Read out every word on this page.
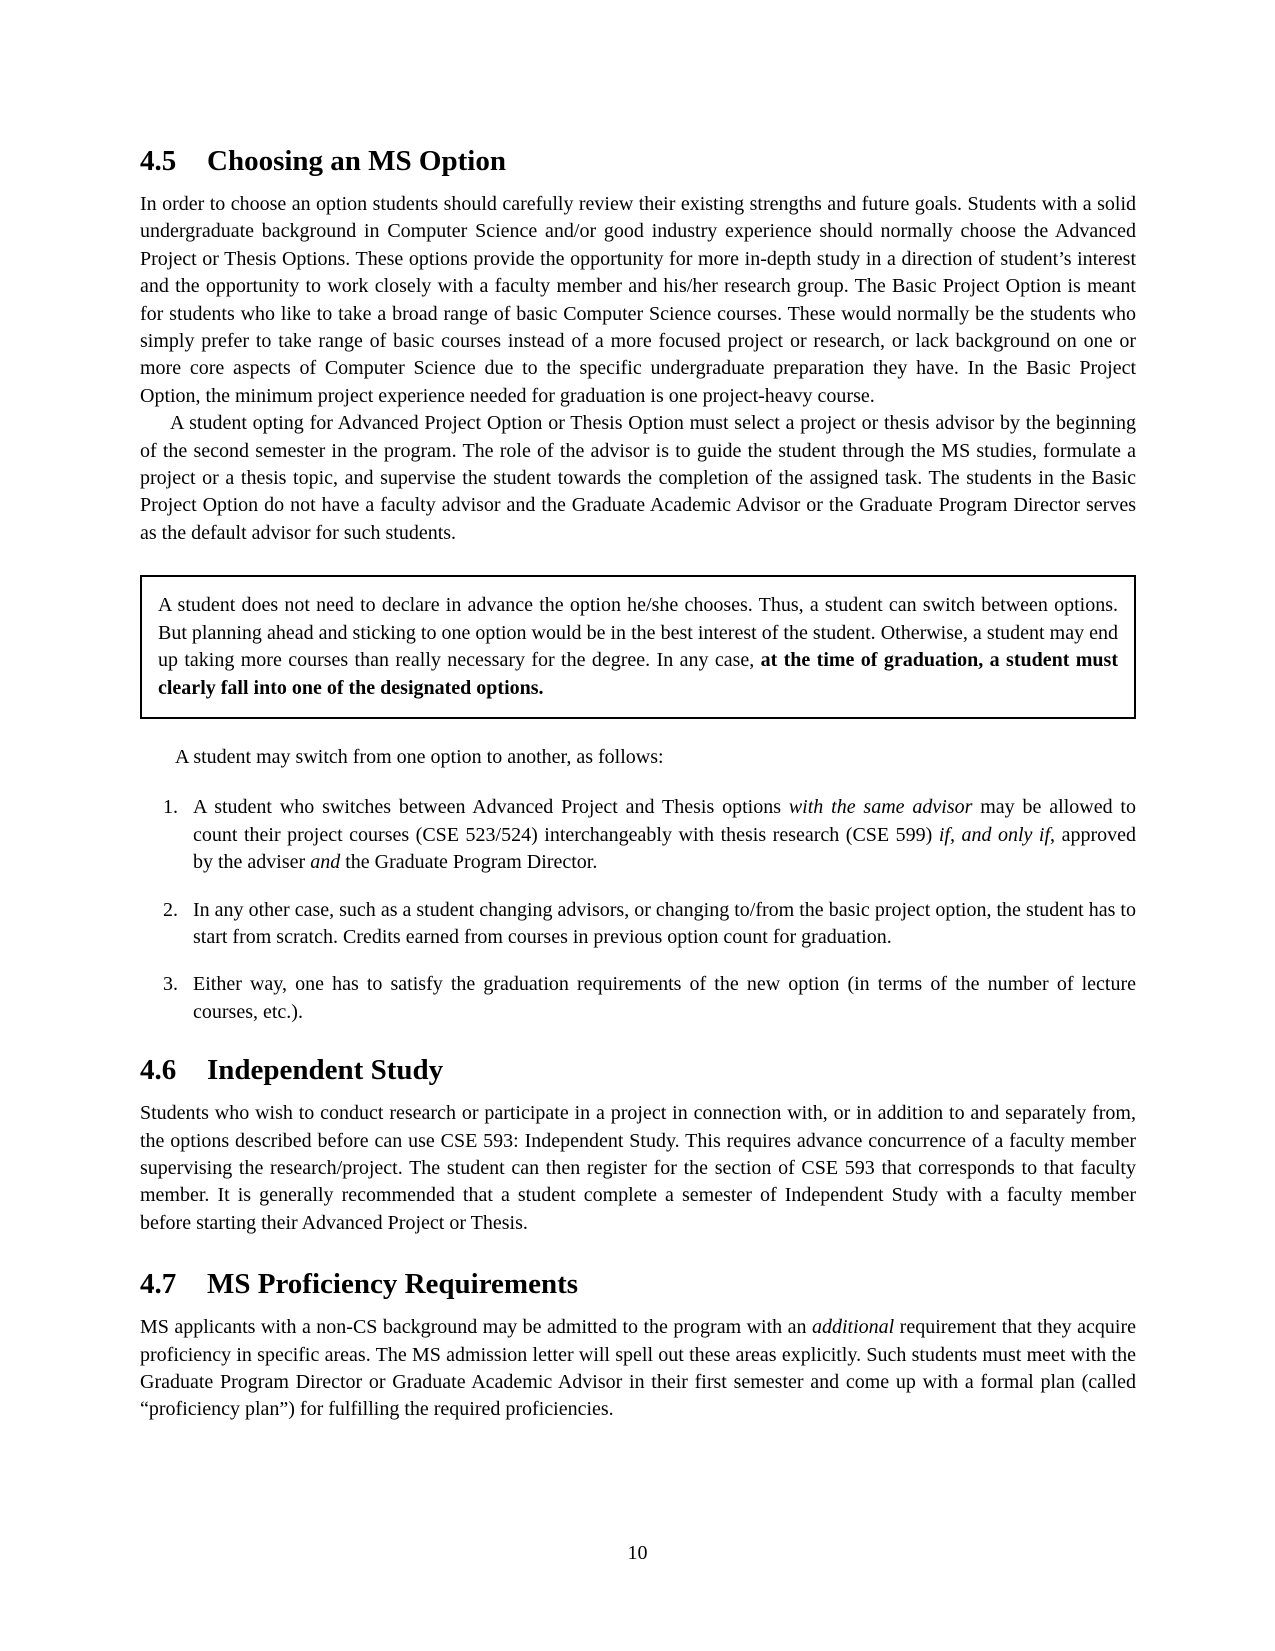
4.5	Choosing an MS Option

In order to choose an option students should carefully review their existing strengths and future goals. Students with a solid undergraduate background in Computer Science and/or good industry experience should normally choose the Advanced Project or Thesis Options. These options provide the opportunity for more in-depth study in a direction of student’s interest and the opportunity to work closely with a faculty member and his/her research group. The Basic Project Option is meant for students who like to take a broad range of basic Computer Science courses. These would normally be the students who simply prefer to take range of basic courses instead of a more focused project or research, or lack background on one or more core aspects of Computer Science due to the specific undergraduate preparation they have. In the Basic Project Option, the minimum project experience needed for graduation is one project-heavy course.

A student opting for Advanced Project Option or Thesis Option must select a project or thesis advisor by the beginning of the second semester in the program. The role of the advisor is to guide the student through the MS studies, formulate a project or a thesis topic, and supervise the student towards the completion of the assigned task. The students in the Basic Project Option do not have a faculty advisor and the Graduate Academic Advisor or the Graduate Program Director serves as the default advisor for such students.

A student does not need to declare in advance the option he/she chooses. Thus, a student can switch between options. But planning ahead and sticking to one option would be in the best interest of the student. Otherwise, a student may end up taking more courses than really necessary for the degree. In any case, at the time of graduation, a student must clearly fall into one of the designated options.

A student may switch from one option to another, as follows:

1. A student who switches between Advanced Project and Thesis options with the same advisor may be allowed to count their project courses (CSE 523/524) interchangeably with thesis research (CSE 599) if, and only if, approved by the adviser and the Graduate Program Director.
2. In any other case, such as a student changing advisors, or changing to/from the basic project option, the student has to start from scratch. Credits earned from courses in previous option count for graduation.
3. Either way, one has to satisfy the graduation requirements of the new option (in terms of the number of lecture courses, etc.).
4.6	Independent Study

Students who wish to conduct research or participate in a project in connection with, or in addition to and separately from, the options described before can use CSE 593: Independent Study. This requires advance concurrence of a faculty member supervising the research/project. The student can then register for the section of CSE 593 that corresponds to that faculty member. It is generally recommended that a student complete a semester of Independent Study with a faculty member before starting their Advanced Project or Thesis.

4.7	MS Proficiency Requirements

MS applicants with a non-CS background may be admitted to the program with an additional requirement that they acquire proficiency in specific areas. The MS admission letter will spell out these areas explicitly. Such students must meet with the Graduate Program Director or Graduate Academic Advisor in their first semester and come up with a formal plan (called “proficiency plan”) for fulfilling the required proficiencies.

10
